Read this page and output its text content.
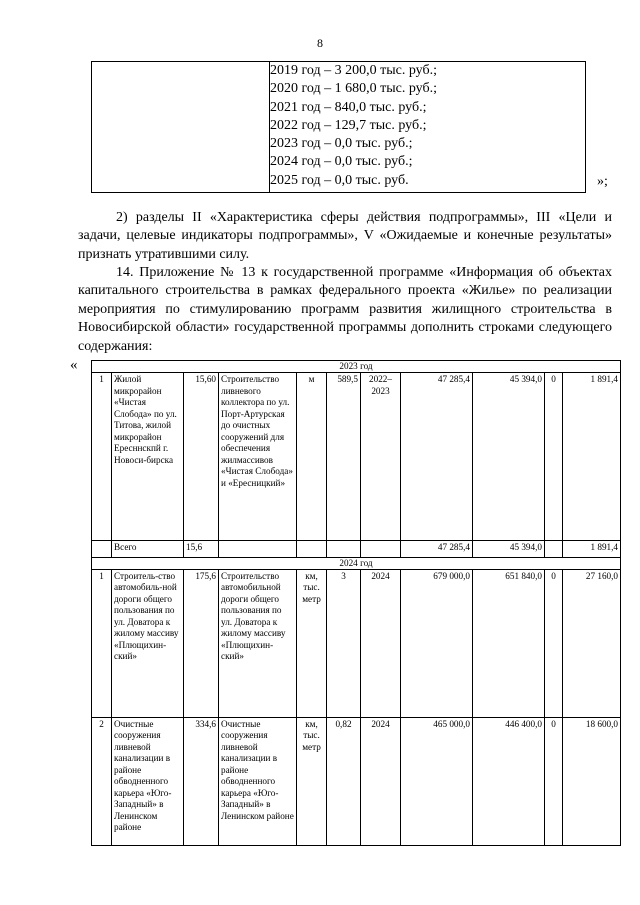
8

2019 год – 3 200,0 тыс. руб.;
2020 год – 1 680,0 тыс. руб.;
2021 год – 840,0 тыс. руб.;
2022 год – 129,7 тыс. руб.;
2023 год – 0,0 тыс. руб.;
2024 год – 0,0 тыс. руб.;
2025 год – 0,0 тыс. руб.
		»;

2) разделы II «Характеристика сферы действия подпрограммы», III «Цели и задачи, целевые индикаторы подпрограммы», V «Ожидаемые и конечные результаты» признать утратившими силу.

14. Приложение № 13 к государственной программе «Информация об объектах капитального строительства в рамках федерального проекта «Жилье» по реализации мероприятия по стимулированию программ развития жилищного строительства в Новосибирской области» государственной программы дополнить строками следующего содержания:

«	2023 год										
1	Жилой микрорайон «Чистая Слобода» по ул. Титова, жилой микрорайон Ересннскпй г. Новоси-бирска	15,60	Строительство ливневого коллектора по ул. Порт-Артурская до очистных сооружений для обеспечения жилмассивов «Чистая Слобода» и «Ересницкий»	м	589,5	2022–2023	47 285,4	45 394,0	0	1 891,4
	Всего	15,6					47 285,4	45 394,0		1 891,4
2024 год										
1	Строитель-ство автомобиль-ной дороги общего пользования по ул. Доватора к жилому массиву «Плющихин-ский»	175,6	Строительство автомобильной дороги общего пользования по ул. Доватора к жилому массиву «Плющихин-ский»	км, тыс. метр	3	2024	679 000,0	651 840,0	0	27 160,0
2	Очистные сооружения ливневой канализации в районе обводненного карьера «Юго-Западный» в Ленинском районе	334,6	Очистные сооружения ливневой канализации в районе обводненного карьера «Юго-Западный» в Ленинском районе	км, тыс. метр	0,82	2024	465 000,0	446 400,0	0	18 600,0
